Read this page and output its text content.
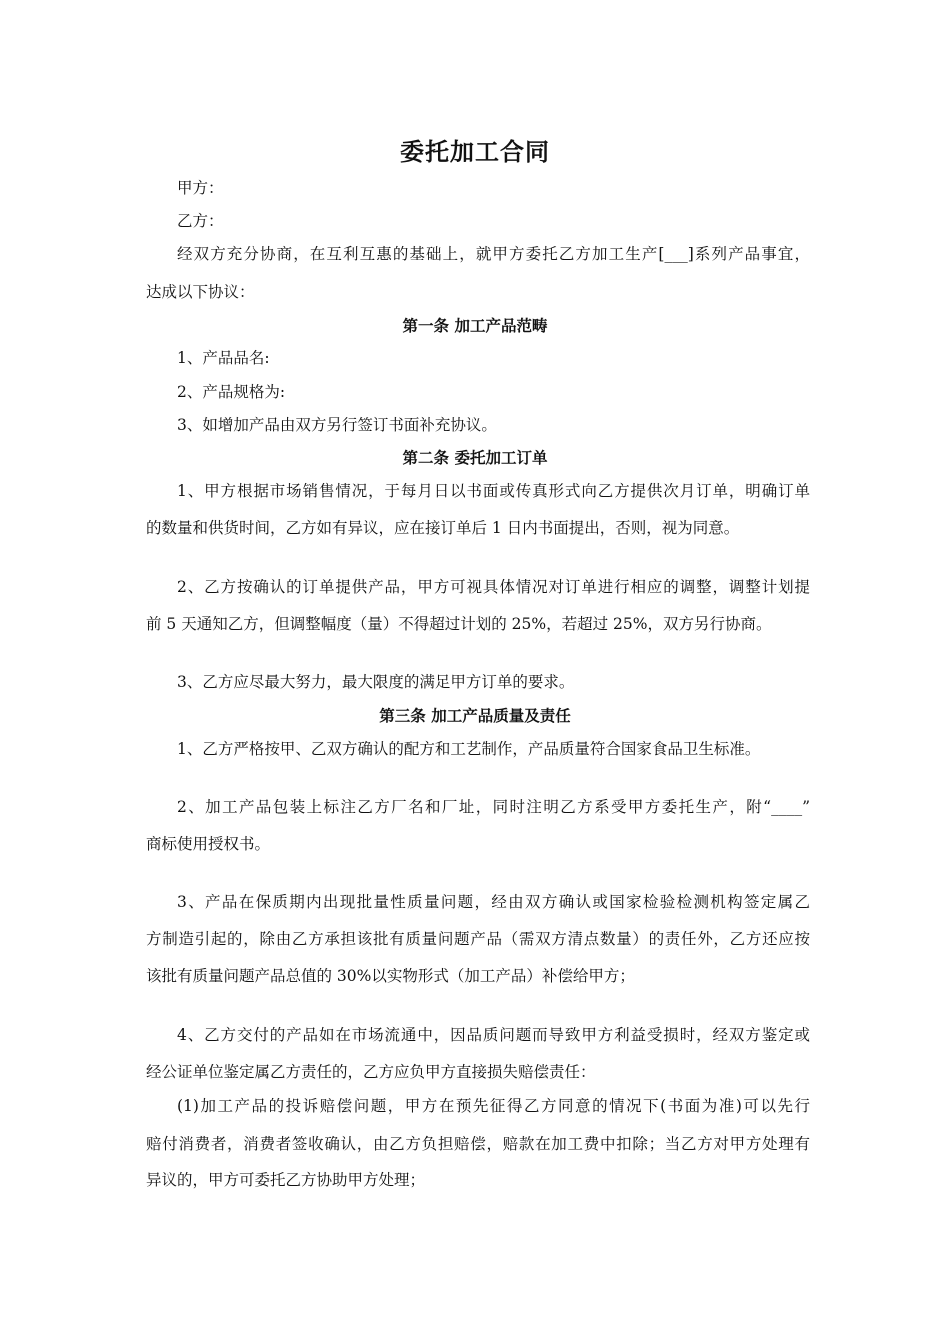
委托加工合同
甲方：
乙方：
经双方充分协商，在互利互惠的基础上，就甲方委托乙方加工生产[___]系列产品事宜，
达成以下协议：
第一条 加工产品范畴
1、产品品名:
2、产品规格为:
3、如增加产品由双方另行签订书面补充协议。
第二条 委托加工订单
1、甲方根据市场销售情况，于每月日以书面或传真形式向乙方提供次月订单，明确订单
的数量和供货时间，乙方如有异议，应在接订单后 1 日内书面提出，否则，视为同意。
2、乙方按确认的订单提供产品，甲方可视具体情况对订单进行相应的调整，调整计划提
前 5 天通知乙方，但调整幅度（量）不得超过计划的 25%，若超过 25%，双方另行协商。
3、乙方应尽最大努力，最大限度的满足甲方订单的要求。
第三条 加工产品质量及责任
1、乙方严格按甲、乙双方确认的配方和工艺制作，产品质量符合国家食品卫生标准。
2、加工产品包装上标注乙方厂名和厂址，同时注明乙方系受甲方委托生产，附“____”
商标使用授权书。
3、产品在保质期内出现批量性质量问题，经由双方确认或国家检验检测机构签定属乙
方制造引起的，除由乙方承担该批有质量问题产品（需双方清点数量）的责任外，乙方还应按
该批有质量问题产品总值的 30%以实物形式（加工产品）补偿给甲方；
4、乙方交付的产品如在市场流通中，因品质问题而导致甲方利益受损时，经双方鉴定或
经公证单位鉴定属乙方责任的，乙方应负甲方直接损失赔偿责任：
(1)加工产品的投诉赔偿问题，甲方在预先征得乙方同意的情况下(书面为准)可以先行
赔付消费者，消费者签收确认，由乙方负担赔偿，赔款在加工费中扣除；当乙方对甲方处理有
异议的，甲方可委托乙方协助甲方处理；
